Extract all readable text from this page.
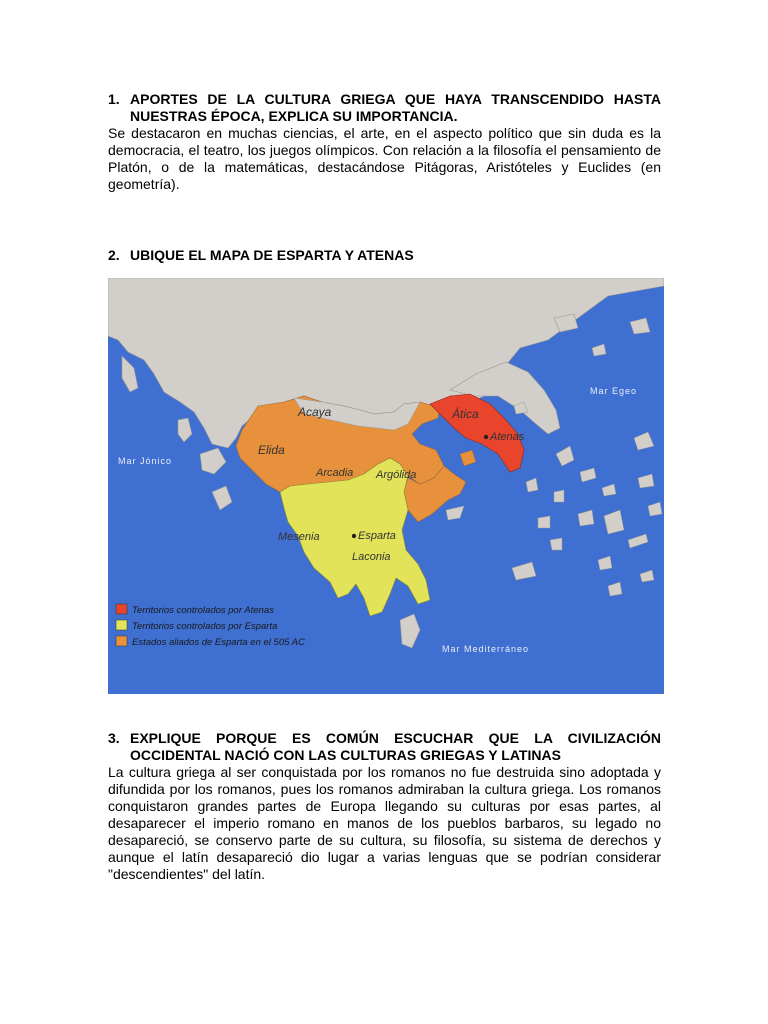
1. APORTES DE LA CULTURA GRIEGA QUE HAYA TRANSCENDIDO HASTA NUESTRAS ÉPOCA, EXPLICA SU IMPORTANCIA.
Se destacaron en muchas ciencias, el arte, en el aspecto político que sin duda es la democracia, el teatro, los juegos olímpicos. Con relación a la filosofía el pensamiento de Platón, o de la matemáticas, destacándose Pitágoras, Aristóteles y Euclides (en geometría).
2. UBIQUE EL MAPA DE ESPARTA Y ATENAS
Mar Jónico
Mar Egeo
Mar Mediterráneo
Acaya
Elida
Arcadia Argólida
Mesenia
Laconia
Ática
Atenas
Esparta
Territorios controlados por Atenas
Territorios controlados por Esparta
Estados aliados de Esparta en el 505 AC
3. EXPLIQUE PORQUE ES COMÚN ESCUCHAR QUE LA CIVILIZACIÓN OCCIDENTAL NACIÓ CON LAS CULTURAS GRIEGAS Y LATINAS
La cultura griega al ser conquistada por los romanos no fue destruida sino adoptada y difundida por los romanos, pues los romanos admiraban la cultura griega. Los romanos conquistaron grandes partes de Europa llegando su culturas por esas partes, al desaparecer el imperio romano en manos de los pueblos barbaros, su legado no desapareció, se conservo parte de su cultura, su filosofía, su sistema de derechos y aunque el latín desapareció dio lugar a varias lenguas que se podrían considerar "descendientes" del latín.
